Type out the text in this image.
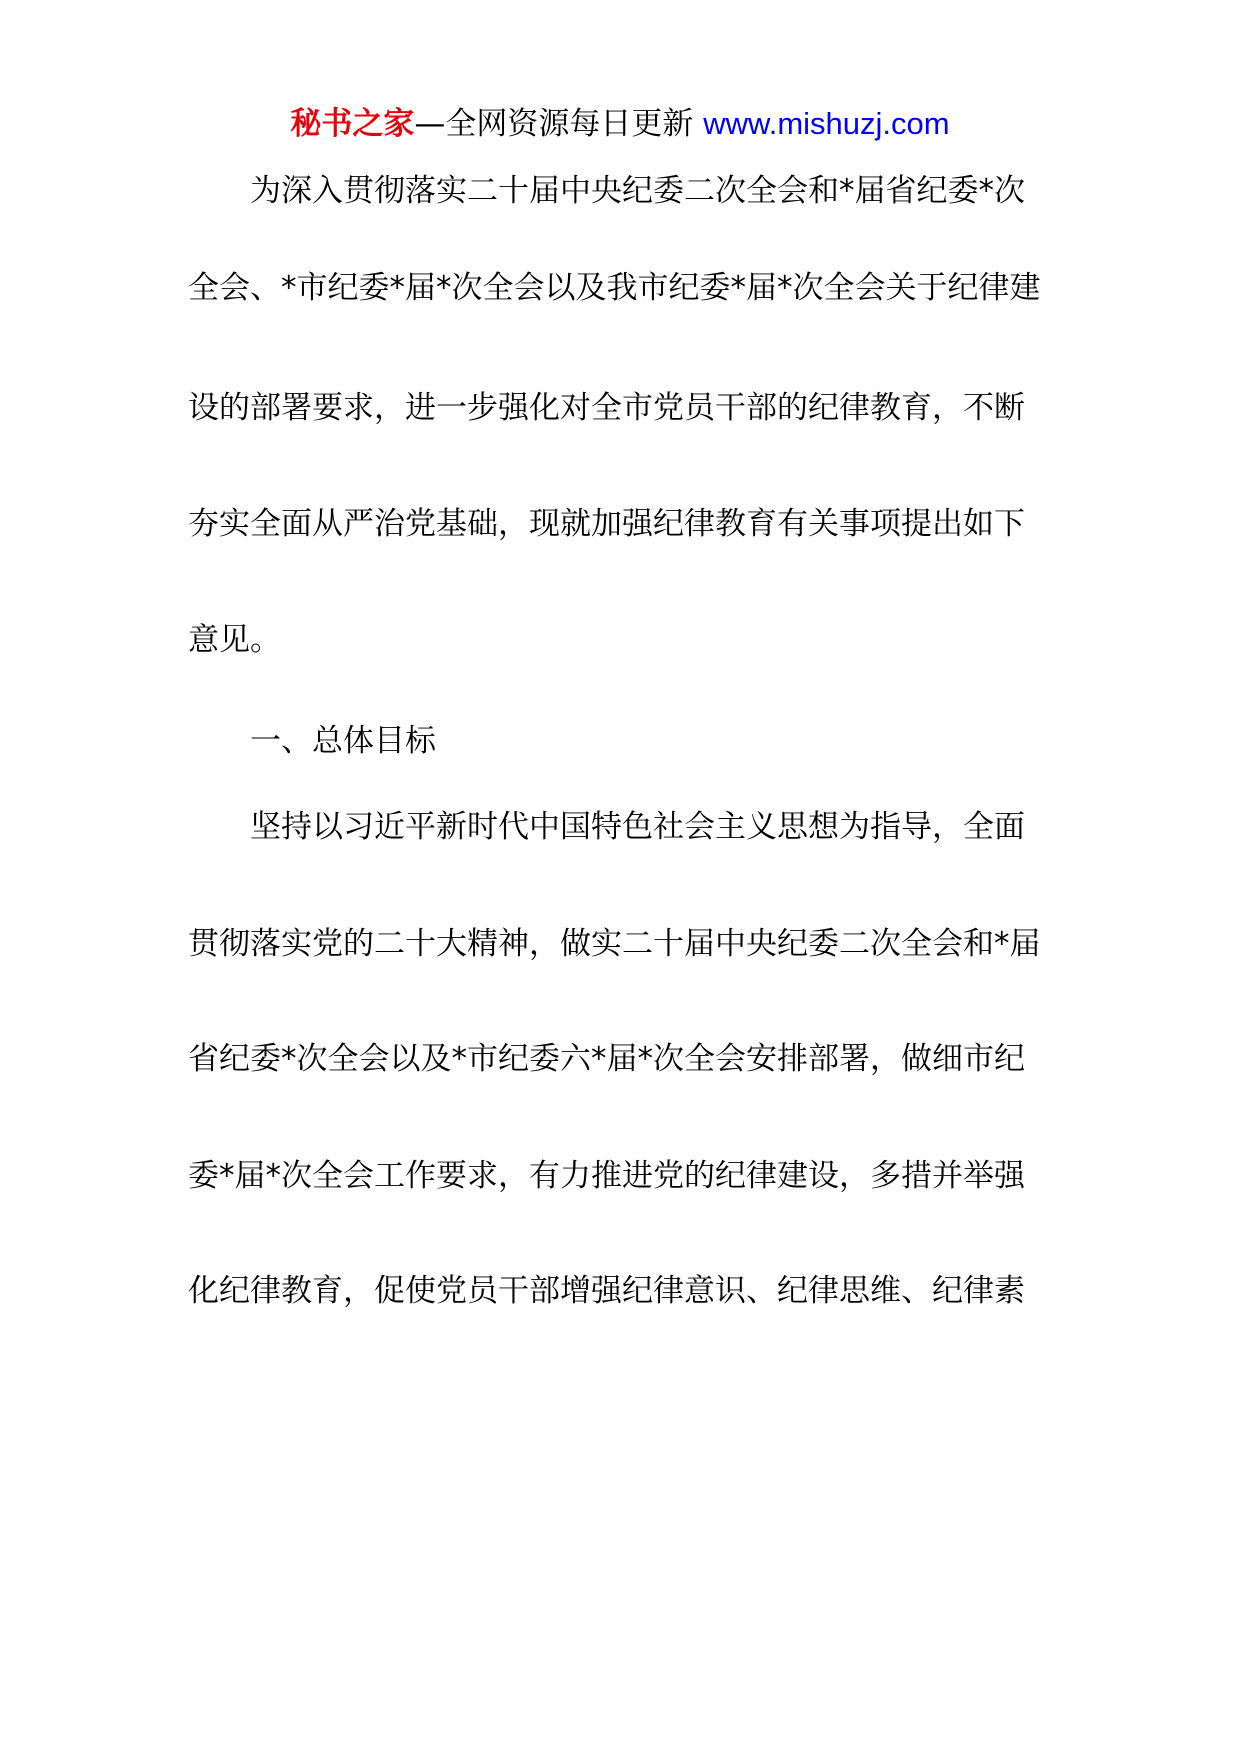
秘书之家—全网资源每日更新 www.mishuzj.com
为深入贯彻落实二十届中央纪委二次全会和*届省纪委*次
全会、*市纪委*届*次全会以及我市纪委*届*次全会关于纪律建
设的部署要求，进一步强化对全市党员干部的纪律教育，不断
夯实全面从严治党基础，现就加强纪律教育有关事项提出如下
意见。
一、总体目标
坚持以习近平新时代中国特色社会主义思想为指导，全面
贯彻落实党的二十大精神，做实二十届中央纪委二次全会和*届
省纪委*次全会以及*市纪委六*届*次全会安排部署，做细市纪
委*届*次全会工作要求，有力推进党的纪律建设，多措并举强
化纪律教育，促使党员干部增强纪律意识、纪律思维、纪律素
